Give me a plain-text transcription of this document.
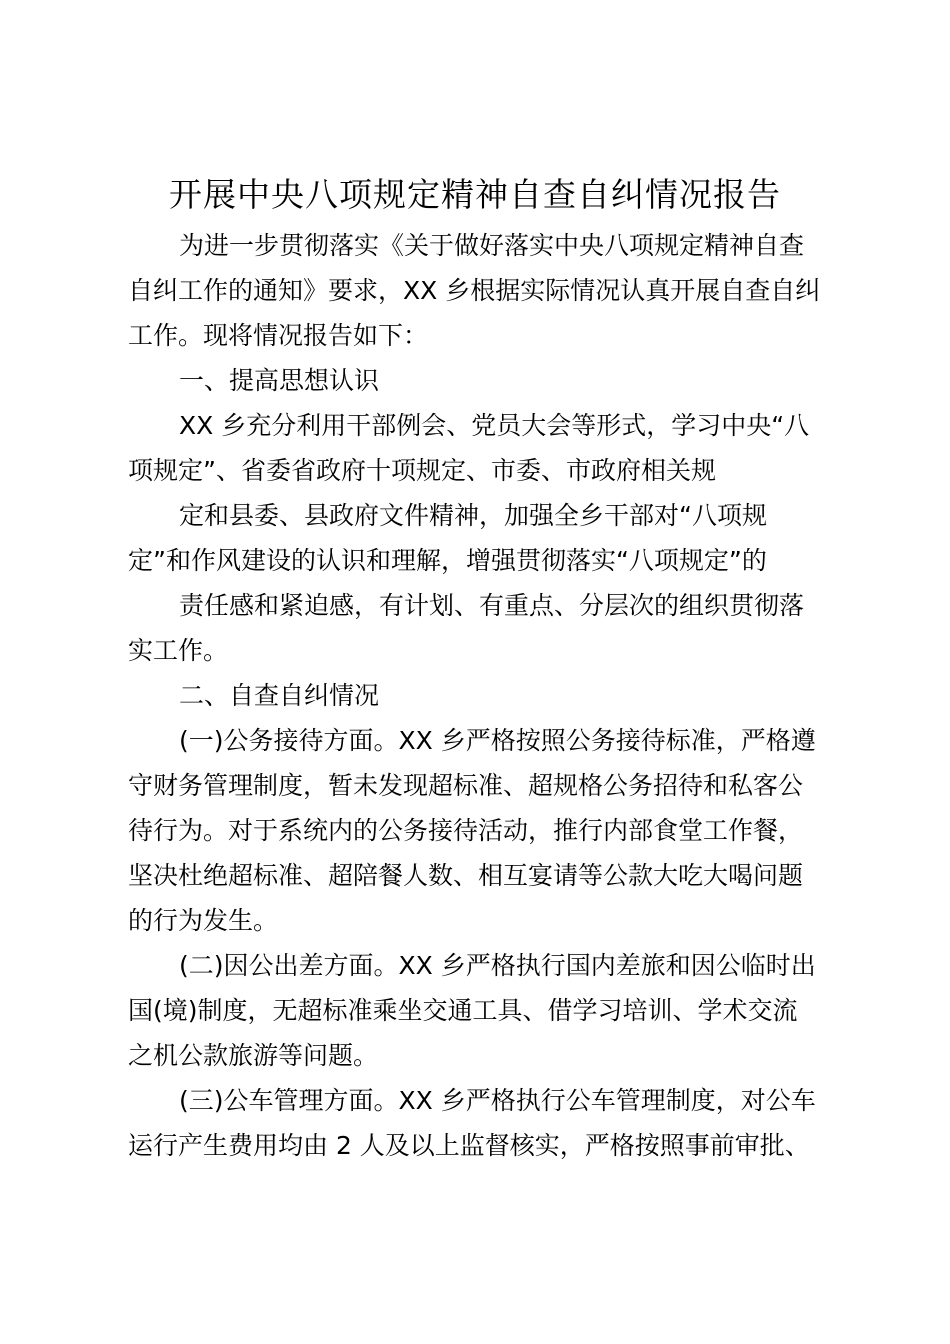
开展中央八项规定精神自查自纠情况报告
为进一步贯彻落实《关于做好落实中央八项规定精神自查
自纠工作的通知》要求，XX 乡根据实际情况认真开展自查自纠
工作。现将情况报告如下：
一、提高思想认识
XX 乡充分利用干部例会、党员大会等形式，学习中央“八
项规定”、省委省政府十项规定、市委、市政府相关规
定和县委、县政府文件精神，加强全乡干部对“八项规
定”和作风建设的认识和理解，增强贯彻落实“八项规定”的
责任感和紧迫感，有计划、有重点、分层次的组织贯彻落
实工作。
二、自查自纠情况
(一)公务接待方面。XX 乡严格按照公务接待标准，严格遵
守财务管理制度，暂未发现超标准、超规格公务招待和私客公
待行为。对于系统内的公务接待活动，推行内部食堂工作餐，
坚决杜绝超标准、超陪餐人数、相互宴请等公款大吃大喝问题
的行为发生。
(二)因公出差方面。XX 乡严格执行国内差旅和因公临时出
国(境)制度，无超标准乘坐交通工具、借学习培训、学术交流
之机公款旅游等问题。
(三)公车管理方面。XX 乡严格执行公车管理制度，对公车
运行产生费用均由 2 人及以上监督核实，严格按照事前审批、
